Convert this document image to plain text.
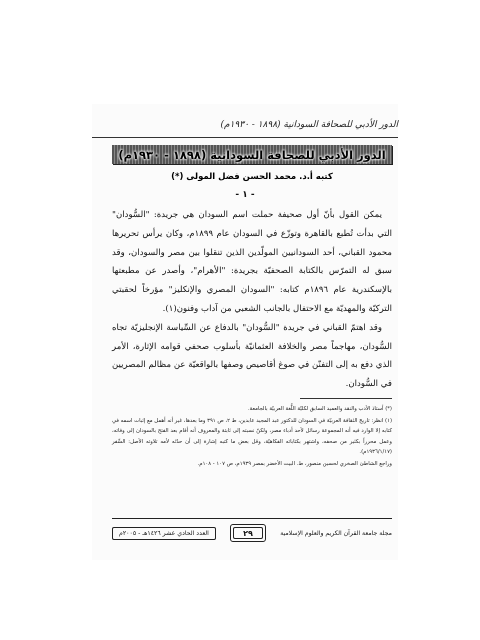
الدور الأدبي للصحافة السودانية (١٨٩٨ - ١٩٣٠م)
الدور الأدبي للصحافة السودانية (١٨٩٨ - ١٩٣٠م)
كتبه أ.د. محمد الحسن فضل المولى (*)
- ١ -

يمكن القول بأنّ أول صحيفة حملت اسم السودان هي جريدة: "السُّودان" التي بدأت تُطبع بالقاهرة وتوزّع في السودان عام ١٨٩٩م، وكان يرأس تحريرها محمود القباني، أحد السودانيين المولّدين الذين تنقلوا بين مصر والسودان، وقد سبق له التمرّس بالكتابة الصحفيّة بجريدة: "الأهرام"، وأصدر عن مطبعتها بالإسكندرية عام ١٨٩٦م كتابه: "السودان المصري والإنكليز" مؤرخاً لحقبتي التركيّة والمهديّة مع الاحتفال بالجانب الشعبي من آداب وفنون(١).

وقد اهتمّ القباني في جريدة "السُّودان" بالدفاع عن السِّياسة الإنجليزيّة تجاه السُّودان، مهاجماً مصر والخلافة العثمانيّة بأسلوب صحفي قوامه الإثارة، الأمر الذي دفع به إلى التفنّن في صوغ أقاصيص وصفها بالواقعيّة عن مظالم المصريين في السُّودان.

(*) أستاذ الأدب والنقد والعميد السابق لكليّة اللُّغة العربيّة بالجامعة.

(١) انظر: تاريخ الثقافة العربيّة في السودان للدكتور عبد المجيد عابدين، ط ٢، ص ٣٩١ وما بعدها، غير أنه أهمل مع إثبات اسمه في كتابه إلا الوارد فيه أنه المجموعة رسائل لأحد أدباء مصر، ولكنّ نسبته إلى ثابتة والمعروف أنه أقام بعد الفتح بالسودان إلى وفاته، وعمل محرراً بكثير من صحفه، واشتهر بكتاباته الفكاهيّة، وقل بعض ما كتبه إشارة إلى أن حدّثه لأمه تلاوته الأصل: السِّفر (١٩٣٦/١/١٧م).

وراجع الشاطئ الصخري لحسين منصور، ط. البيت الأخضر بمصر ١٩٣٩م، ص ١٠٧ - ١٠٨م.

مجلة جامعة القرآن الكريم والعلوم الإسلامية
٢٩
العدد الحادي عشر ١٤٢٦هـ - ٢٠٠٥م
